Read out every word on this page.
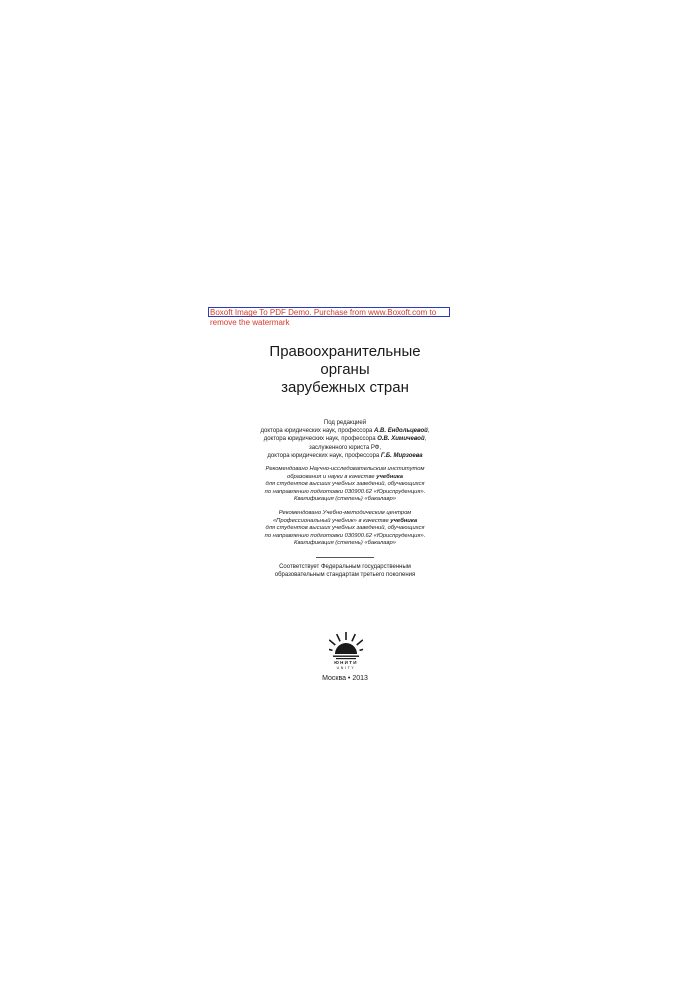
Boxoft Image To PDF Demo. Purchase from www.Boxoft.com to
remove the watermark
Правоохранительные
органы
зарубежных стран
Под редакцией
доктора юридических наук, профессора А.В. Ендольцевой,
доктора юридических наук, профессора О.В. Химичевой,
заслуженного юриста РФ,
доктора юридических наук, профессора Г.Б. Мирзоева
Рекомендовано Научно-исследовательским институтом
образования и науки в качестве учебника
для студентов высших учебных заведений, обучающихся
по направлению подготовки 030900.62 «Юриспруденция».
Квалификация (степень) «бакалавр»
Рекомендовано Учебно-методическим центром
«Профессиональный учебник» в качестве учебника
для студентов высших учебных заведений, обучающихся
по направлению подготовки 030900.62 «Юриспруденция».
Квалификация (степень) «бакалавр»
Соответствует Федеральным государственным
образовательным стандартам третьего поколения
ЮНИТИ
UNITY
Москва • 2013
